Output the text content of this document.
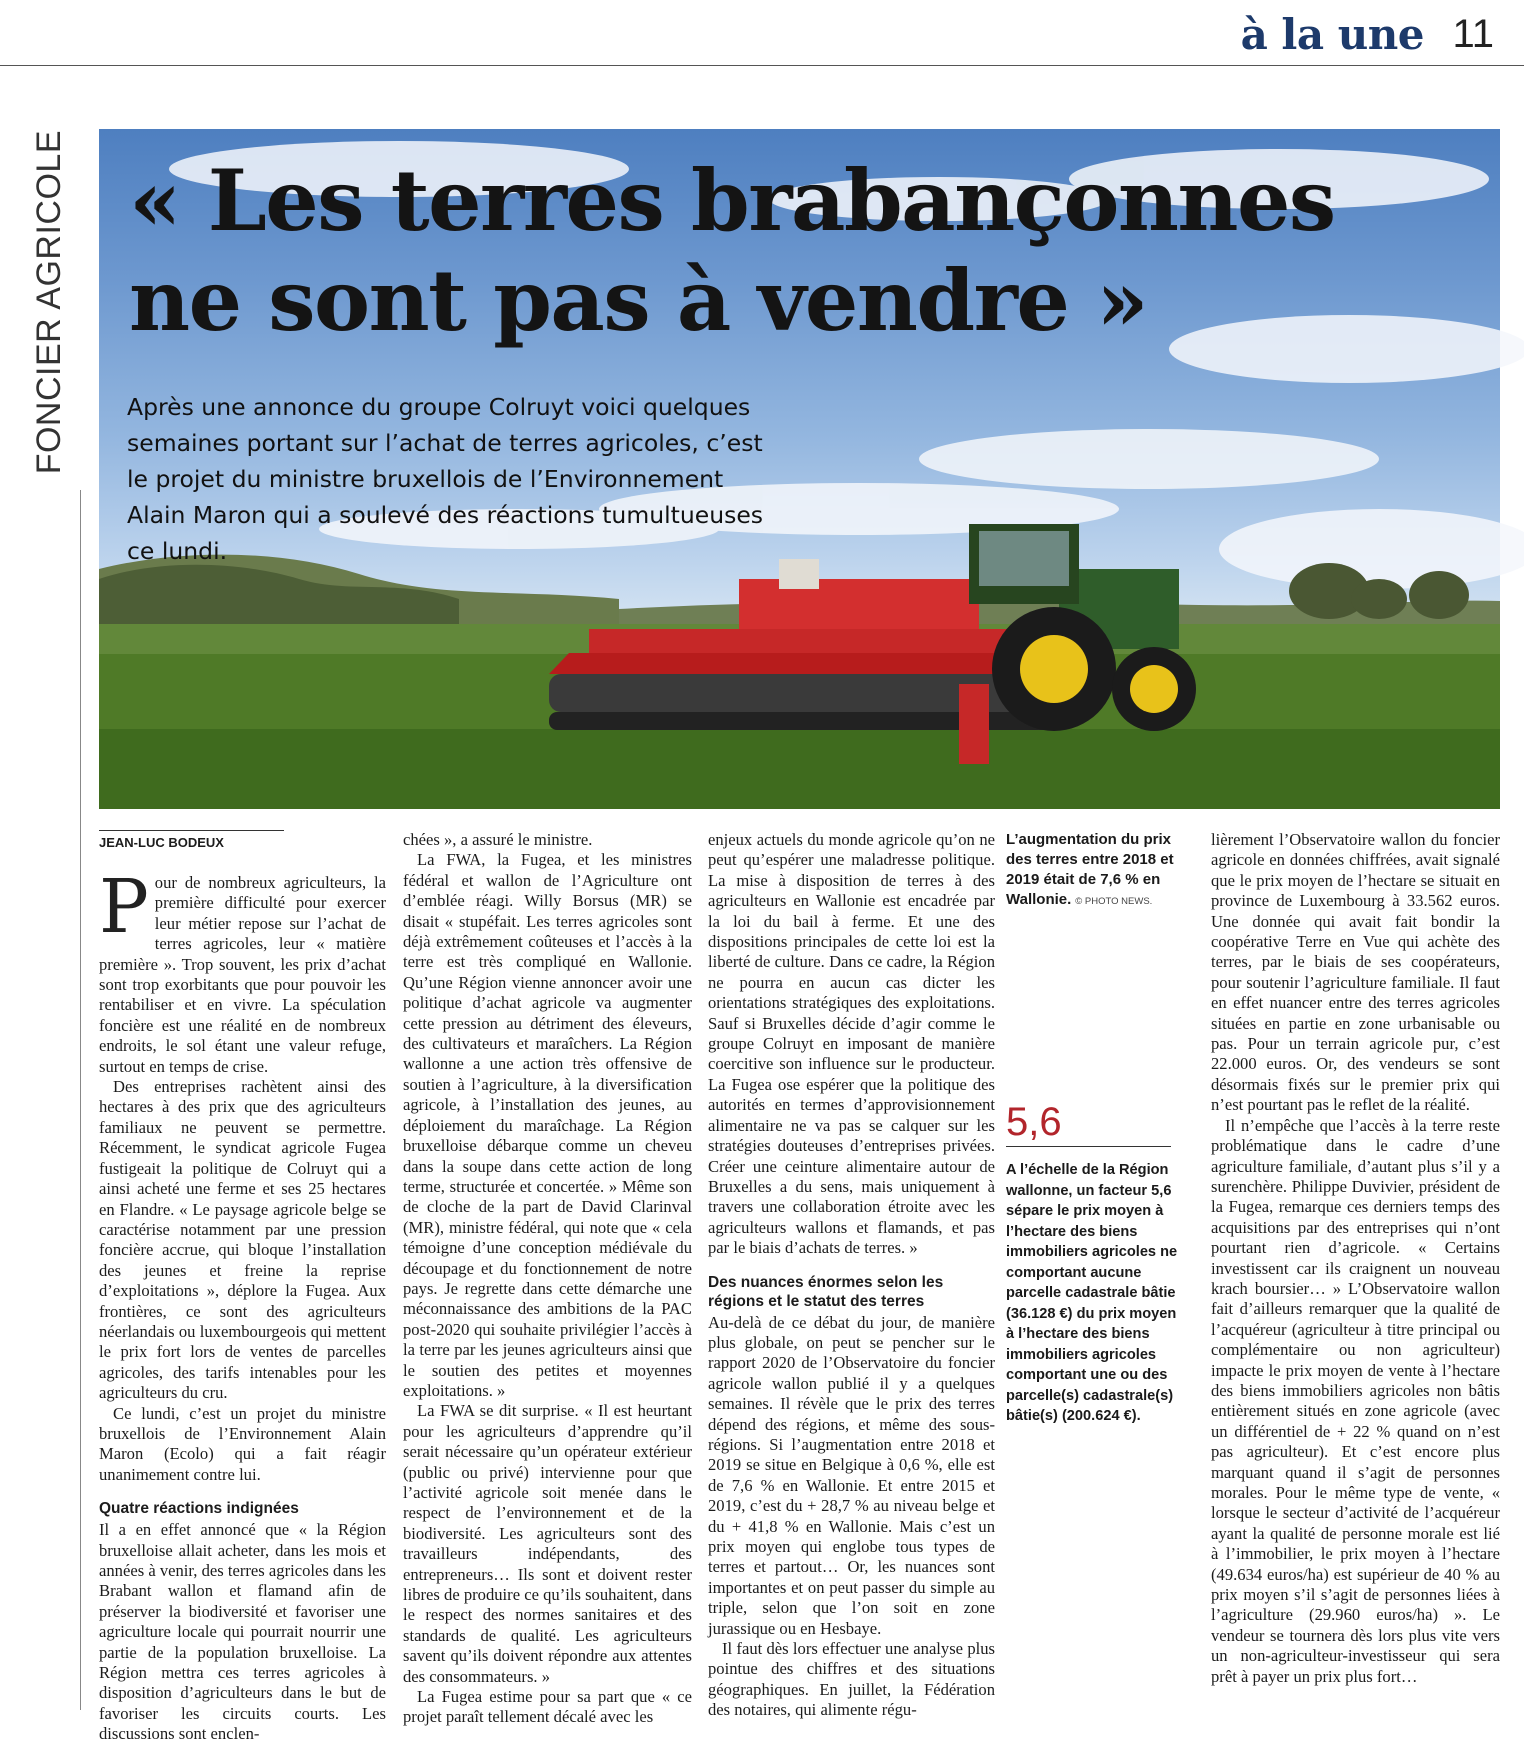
à la une 11
FONCIER AGRICOLE « Les terres brabançonnes
ne sont pas à vendre »
Après une annonce du groupe Colruyt voici quelques semaines portant sur l’achat de terres agricoles, c’est le projet du ministre bruxellois de l’Environnement Alain Maron qui a soulevé des réactions tumultueuses ce lundi.
JEAN-LUC BODEUX

Pour de nombreux agriculteurs, la première difficulté pour exercer leur métier repose sur l’achat de terres agricoles, leur « matière première ». Trop souvent, les prix d’achat sont trop exorbitants que pour pouvoir les rentabiliser et en vivre. La spéculation foncière est une réalité en de nombreux endroits, le sol étant une valeur refuge, surtout en temps de crise.

Des entreprises rachètent ainsi des hectares à des prix que des agriculteurs familiaux ne peuvent se permettre. Récemment, le syndicat agricole Fugea fustigeait la politique de Colruyt qui a ainsi acheté une ferme et ses 25 hectares en Flandre. « Le paysage agricole belge se caractérise notamment par une pression foncière accrue, qui bloque l’installation des jeunes et freine la reprise d’exploitations », déplore la Fugea. Aux frontières, ce sont des agriculteurs néerlandais ou luxembourgeois qui mettent le prix fort lors de ventes de parcelles agricoles, des tarifs intenables pour les agriculteurs du cru.

Ce lundi, c’est un projet du ministre bruxellois de l’Environnement Alain Maron (Ecolo) qui a fait réagir unanimement contre lui.

Quatre réactions indignées

Il a en effet annoncé que « la Région bruxelloise allait acheter, dans les mois et années à venir, des terres agricoles dans les Brabant wallon et flamand afin de préserver la biodiversité et favoriser une agriculture locale qui pourrait nourrir une partie de la population bruxelloise. La Région mettra ces terres agricoles à disposition d’agriculteurs dans le but de favoriser les circuits courts. Les discussions sont enclen-

chées », a assuré le ministre.

La FWA, la Fugea, et les ministres fédéral et wallon de l’Agriculture ont d’emblée réagi. Willy Borsus (MR) se disait « stupéfait. Les terres agricoles sont déjà extrêmement coûteuses et l’accès à la terre est très compliqué en Wallonie. Qu’une Région vienne annoncer avoir une politique d’achat agricole va augmenter cette pression au détriment des éleveurs, des cultivateurs et maraîchers. La Région wallonne a une action très offensive de soutien à l’agriculture, à la diversification agricole, à l’installation des jeunes, au déploiement du maraîchage. La Région bruxelloise débarque comme un cheveu dans la soupe dans cette action de long terme, structurée et concertée. » Même son de cloche de la part de David Clarinval (MR), ministre fédéral, qui note que « cela témoigne d’une conception médiévale du découpage et du fonctionnement de notre pays. Je regrette dans cette démarche une méconnaissance des ambitions de la PAC post-2020 qui souhaite privilégier l’accès à la terre par les jeunes agriculteurs ainsi que le soutien des petites et moyennes exploitations. »

La FWA se dit surprise. « Il est heurtant pour les agriculteurs d’apprendre qu’il serait nécessaire qu’un opérateur extérieur (public ou privé) intervienne pour que l’activité agricole soit menée dans le respect de l’environnement et de la biodiversité. Les agriculteurs sont des travailleurs indépendants, des entrepreneurs… Ils sont et doivent rester libres de produire ce qu’ils souhaitent, dans le respect des normes sanitaires et des standards de qualité. Les agriculteurs savent qu’ils doivent répondre aux attentes des consommateurs. »

La Fugea estime pour sa part que « ce projet paraît tellement décalé avec les

enjeux actuels du monde agricole qu’on ne peut qu’espérer une maladresse politique. La mise à disposition de terres à des agriculteurs en Wallonie est encadrée par la loi du bail à ferme. Et une des dispositions principales de cette loi est la liberté de culture. Dans ce cadre, la Région ne pourra en aucun cas dicter les orientations stratégiques des exploitations. Sauf si Bruxelles décide d’agir comme le groupe Colruyt en imposant de manière coercitive son influence sur le producteur. La Fugea ose espérer que la politique des autorités en termes d’approvisionnement alimentaire ne va pas se calquer sur les stratégies douteuses d’entreprises privées. Créer une ceinture alimentaire autour de Bruxelles a du sens, mais uniquement à travers une collaboration étroite avec les agriculteurs wallons et flamands, et pas par le biais d’achats de terres. »

Des nuances énormes selon les régions et le statut des terres

Au-delà de ce débat du jour, de manière plus globale, on peut se pencher sur le rapport 2020 de l’Observatoire du foncier agricole wallon publié il y a quelques semaines. Il révèle que le prix des terres dépend des régions, et même des sous-régions. Si l’augmentation entre 2018 et 2019 se situe en Belgique à 0,6 %, elle est de 7,6 % en Wallonie. Et entre 2015 et 2019, c’est du + 28,7 % au niveau belge et du + 41,8 % en Wallonie. Mais c’est un prix moyen qui englobe tous types de terres et partout… Or, les nuances sont importantes et on peut passer du simple au triple, selon que l’on soit en zone jurassique ou en Hesbaye.

Il faut dès lors effectuer une analyse plus pointue des chiffres et des situations géographiques. En juillet, la Fédération des notaires, qui alimente régu-

L’augmentation du prix des terres entre 2018 et 2019 était de 7,6 % en Wallonie. © PHOTO NEWS.
5,6
A l’échelle de la Région wallonne, un facteur 5,6 sépare le prix moyen à l’hectare des biens immobiliers agricoles ne comportant aucune parcelle cadastrale bâtie (36.128 €) du prix moyen à l’hectare des biens immobiliers agricoles comportant une ou des parcelle(s) cadastrale(s) bâtie(s) (200.624 €).

lièrement l’Observatoire wallon du foncier agricole en données chiffrées, avait signalé que le prix moyen de l’hectare se situait en province de Luxembourg à 33.562 euros. Une donnée qui avait fait bondir la coopérative Terre en Vue qui achète des terres, par le biais de ses coopérateurs, pour soutenir l’agriculture familiale. Il faut en effet nuancer entre des terres agricoles situées en partie en zone urbanisable ou pas. Pour un terrain agricole pur, c’est 22.000 euros. Or, des vendeurs se sont désormais fixés sur le premier prix qui n’est pourtant pas le reflet de la réalité.

Il n’empêche que l’accès à la terre reste problématique dans le cadre d’une agriculture familiale, d’autant plus s’il y a surenchère. Philippe Duvivier, président de la Fugea, remarque ces derniers temps des acquisitions par des entreprises qui n’ont pourtant rien d’agricole. « Certains investissent car ils craignent un nouveau krach boursier… » L’Observatoire wallon fait d’ailleurs remarquer que la qualité de l’acquéreur (agriculteur à titre principal ou complémentaire ou non agriculteur) impacte le prix moyen de vente à l’hectare des biens immobiliers agricoles non bâtis entièrement situés en zone agricole (avec un différentiel de + 22 % quand on n’est pas agriculteur). Et c’est encore plus marquant quand il s’agit de personnes morales. Pour le même type de vente, « lorsque le secteur d’activité de l’acquéreur ayant la qualité de personne morale est lié à l’immobilier, le prix moyen à l’hectare (49.634 euros/ha) est supérieur de 40 % au prix moyen s’il s’agit de personnes liées à l’agriculture (29.960 euros/ha) ». Le vendeur se tournera dès lors plus vite vers un non-agriculteur-investisseur qui sera prêt à payer un prix plus fort…
